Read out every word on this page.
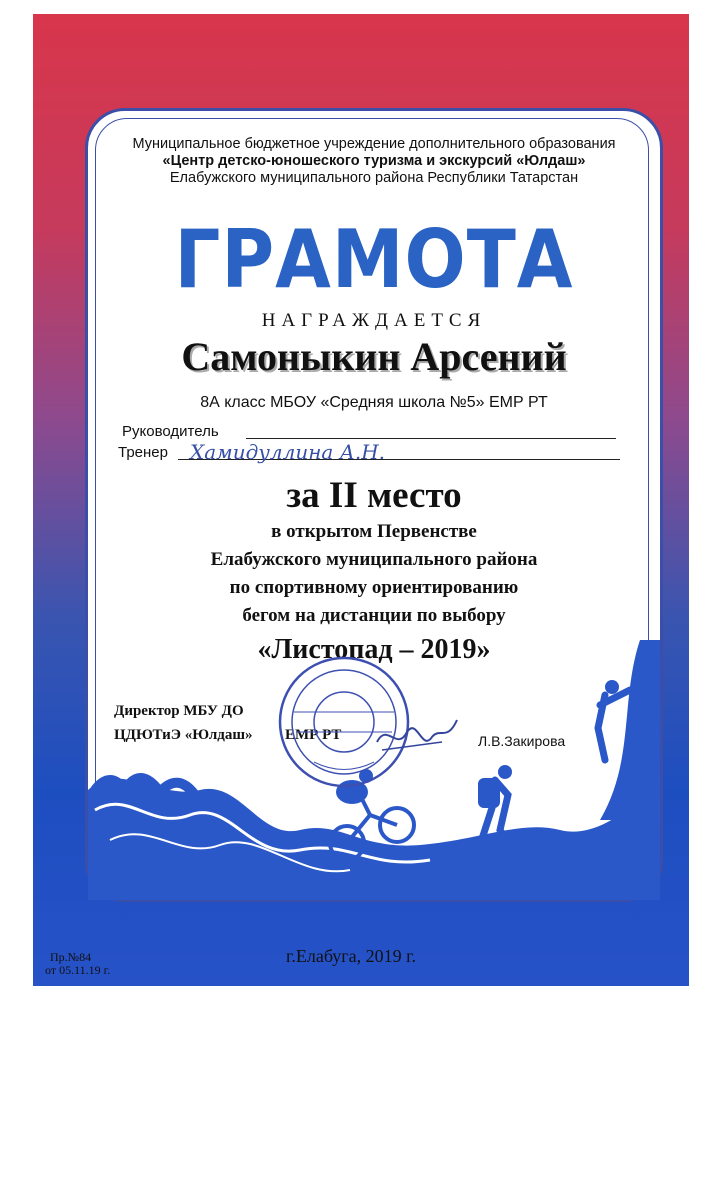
Муниципальное бюджетное учреждение дополнительного образования
«Центр детско-юношеского туризма и экскурсий «Юлдаш»
Елабужского муниципального района Республики Татарстан
ГРАМОТА
НАГРАЖДАЕТСЯ
Самоныкин Арсений
8А класс МБОУ «Средняя школа №5» ЕМР РТ
Руководитель
Тренер Хамидуллина А.Н.
за II место
в открытом Первенстве
Елабужского муниципального района
по спортивному ориентированию
бегом на дистанции по выбору
«Листопад – 2019»
Директор МБУ ДО
ЦДЮТиЭ «Юлдаш» ЕМР РТ	Л.В.Закирова
Пр.№84
от 05.11.19 г.
г.Елабуга, 2019 г.
